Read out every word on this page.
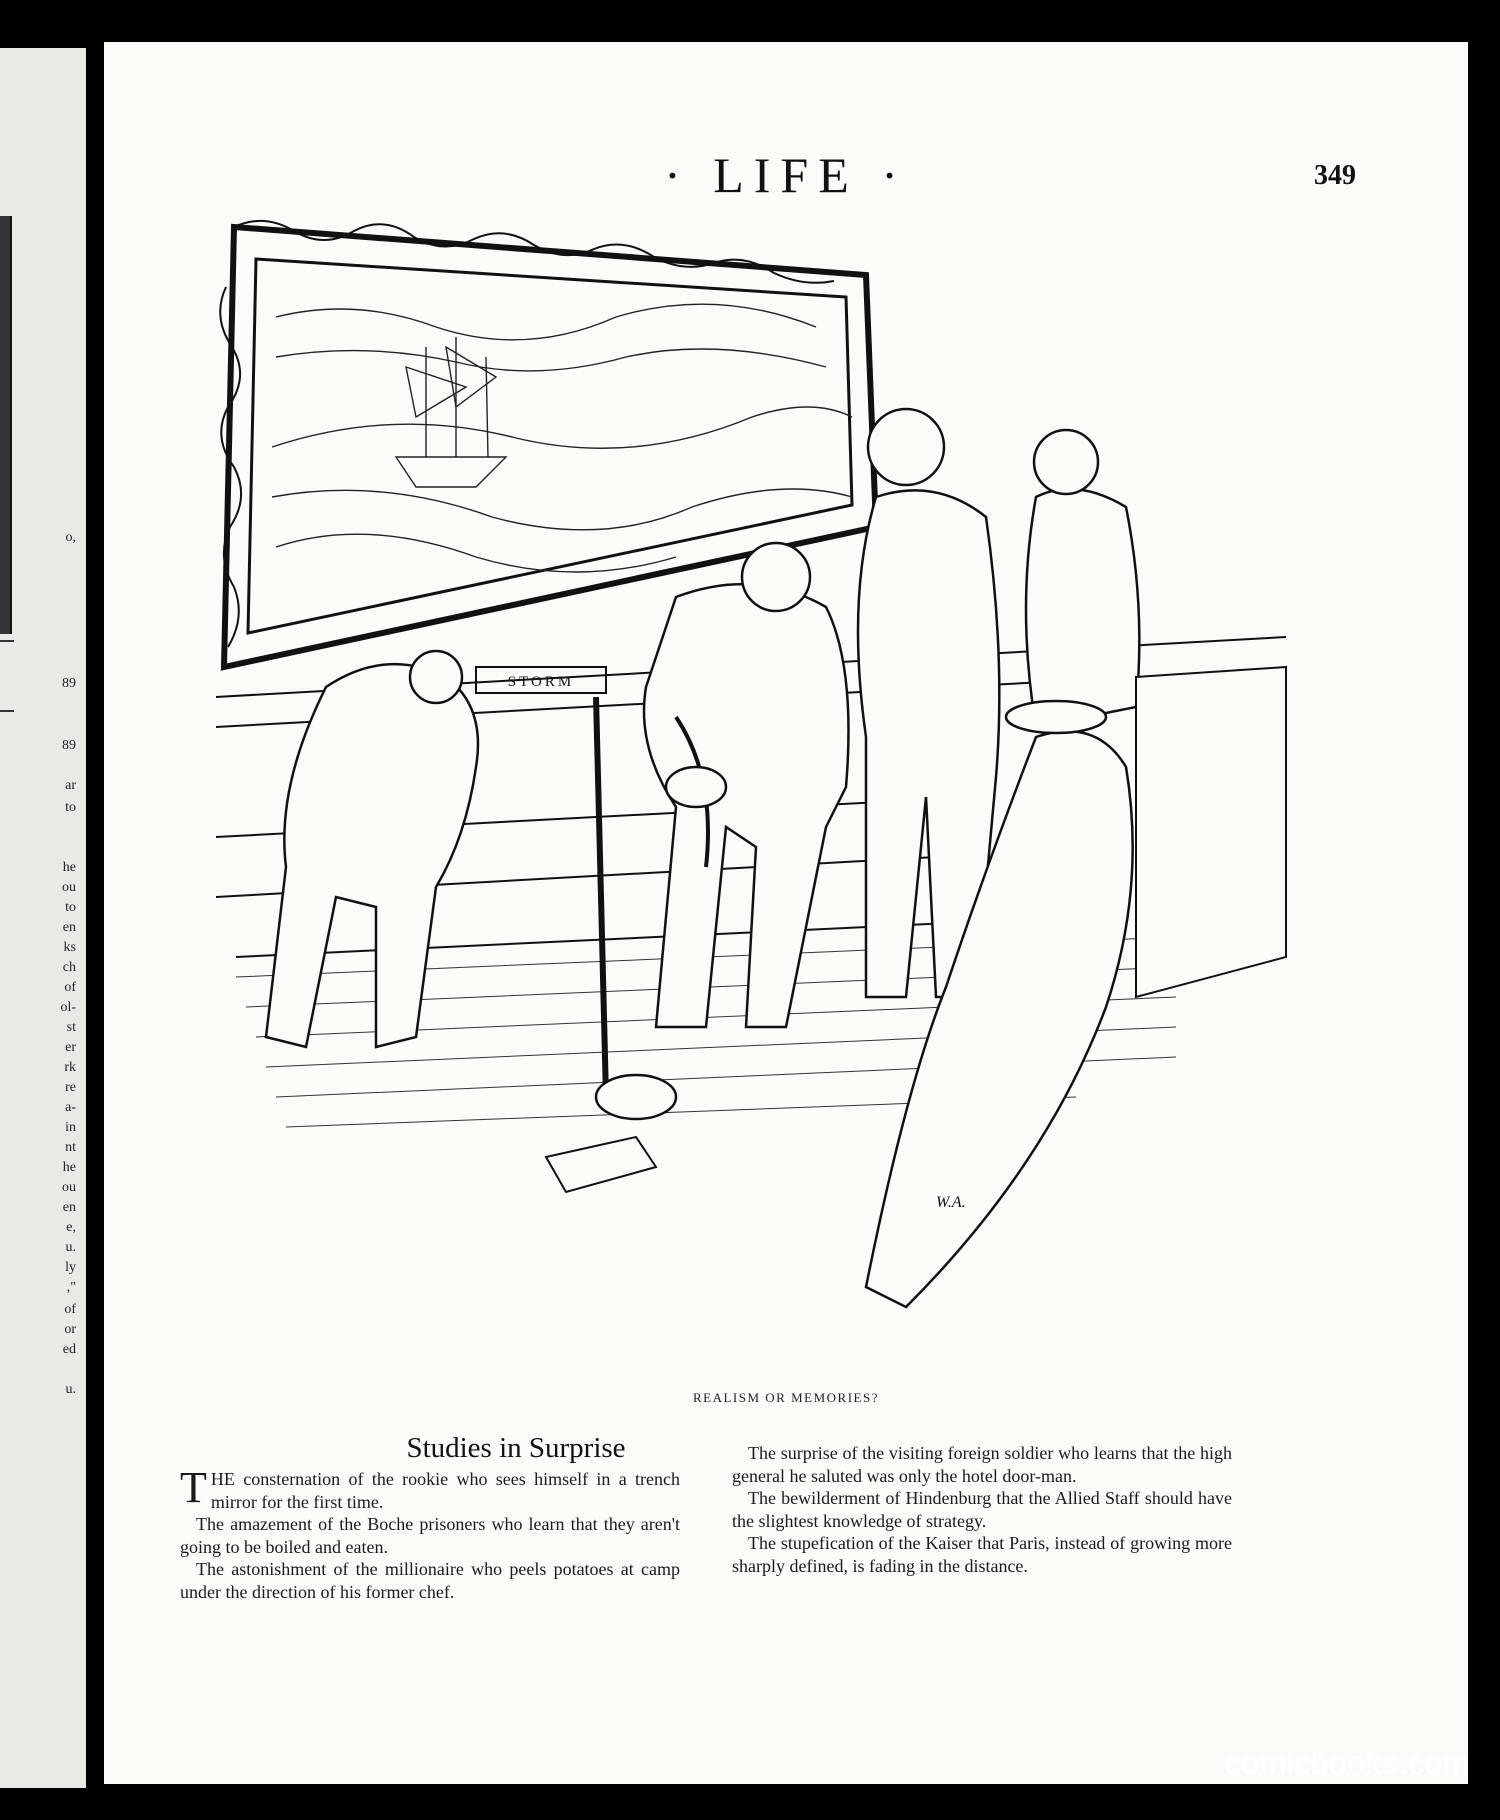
o,
89
89
ar
to
he
ou
to
en
ks
ch
of
ol-
st
er
rk
re
a-
in
nt
he
ou
en
e,
u.
ly
,"
of
or
ed
u.
· LIFE ·	349
STORM
W.A.
REALISM OR MEMORIES?
Studies in Surprise

THE consternation of the rookie who sees himself in a trench mirror for the first time.

The amazement of the Boche prisoners who learn that they aren't going to be boiled and eaten.

The astonishment of the millionaire who peels potatoes at camp under the direction of his former chef.

The surprise of the visiting foreign soldier who learns that the high general he saluted was only the hotel door-man.

The bewilderment of Hindenburg that the Allied Staff should have the slightest knowledge of strategy.

The stupefication of the Kaiser that Paris, instead of growing more sharply defined, is fading in the distance.

comicbooks.com
